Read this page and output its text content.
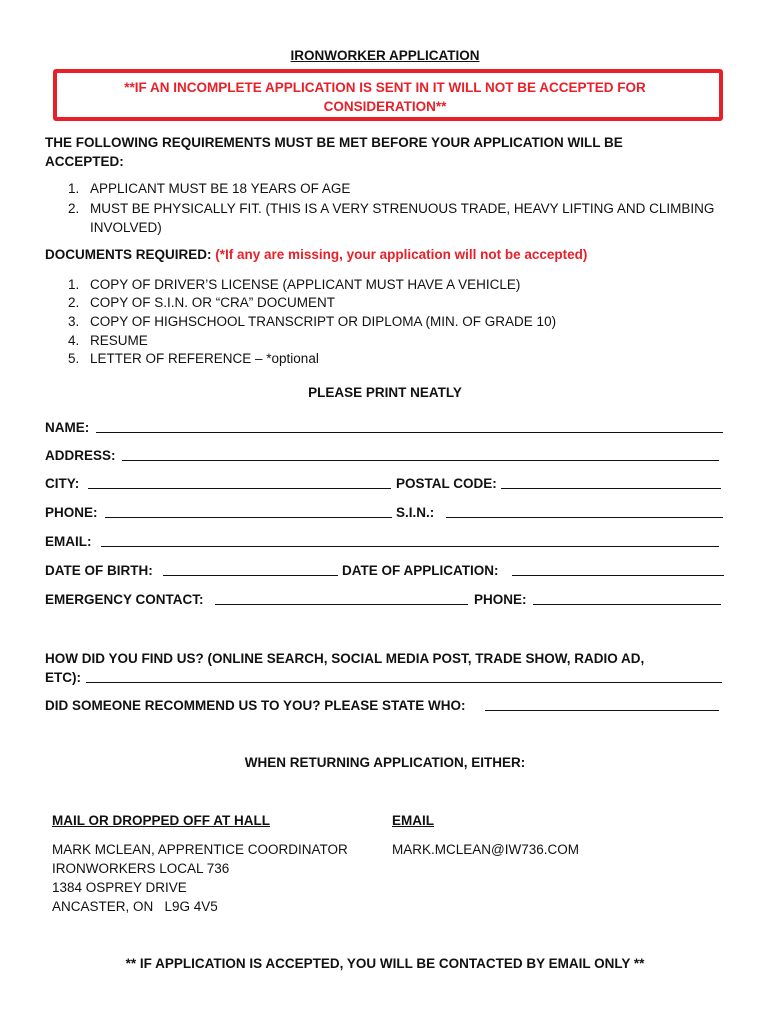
IRONWORKER APPLICATION
**IF AN INCOMPLETE APPLICATION IS SENT IN IT WILL NOT BE ACCEPTED FOR
CONSIDERATION**
THE FOLLOWING REQUIREMENTS MUST BE MET BEFORE YOUR APPLICATION WILL BE
ACCEPTED:
1. APPLICANT MUST BE 18 YEARS OF AGE
2. MUST BE PHYSICALLY FIT. (THIS IS A VERY STRENUOUS TRADE, HEAVY LIFTING AND CLIMBING
INVOLVED)
DOCUMENTS REQUIRED: (*If any are missing, your application will not be accepted)
1. COPY OF DRIVER’S LICENSE (APPLICANT MUST HAVE A VEHICLE)
2. COPY OF S.I.N. OR “CRA” DOCUMENT
3. COPY OF HIGHSCHOOL TRANSCRIPT OR DIPLOMA (MIN. OF GRADE 10)
4. RESUME
5. LETTER OF REFERENCE – *optional
PLEASE PRINT NEATLY
NAME:
ADDRESS:
CITY:	POSTAL CODE:
PHONE:	S.I.N.:
EMAIL:
DATE OF BIRTH:	DATE OF APPLICATION:
EMERGENCY CONTACT:	PHONE:
HOW DID YOU FIND US? (ONLINE SEARCH, SOCIAL MEDIA POST, TRADE SHOW, RADIO AD,
ETC):
DID SOMEONE RECOMMEND US TO YOU? PLEASE STATE WHO:
WHEN RETURNING APPLICATION, EITHER:
MAIL OR DROPPED OFF AT HALL	EMAIL
MARK MCLEAN, APPRENTICE COORDINATOR
IRONWORKERS LOCAL 736
1384 OSPREY DRIVE
ANCASTER, ON   L9G 4V5
MARK.MCLEAN@IW736.COM
** IF APPLICATION IS ACCEPTED, YOU WILL BE CONTACTED BY EMAIL ONLY **
